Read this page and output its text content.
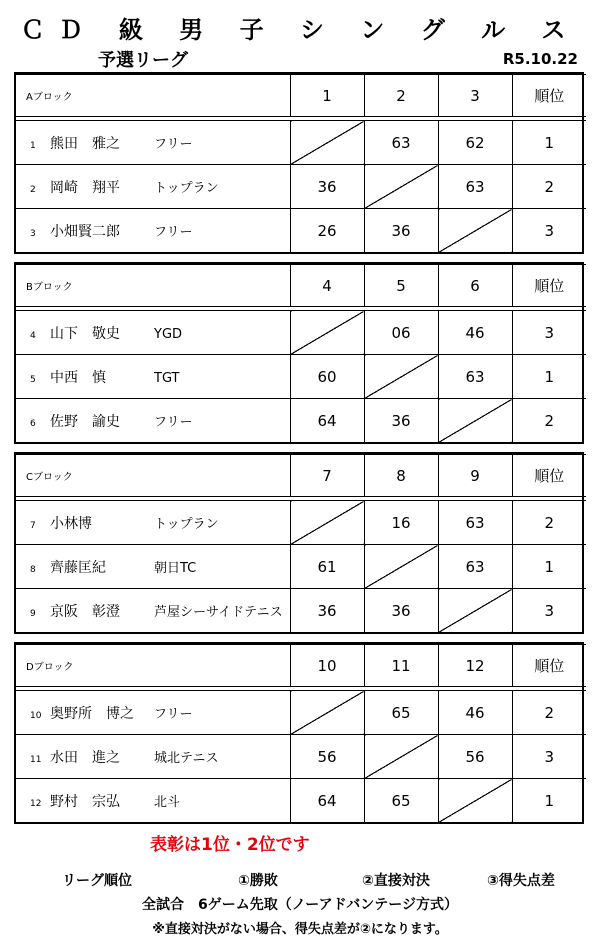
ＣＤ 級 男 子 シ ン グ ル ス
予選リーグ	R5.10.22
Aブロック	1	2	3	順位

1 熊田　雅之 フリー		63	62	1
2 岡崎　翔平 トップラン	36		63	2
3 小畑賢二郎 フリー	26	36		3
Bブロック	4	5	6	順位

4 山下　敬史 YGD		06	46	3
5 中西　慎 TGT	60		63	1
6 佐野　諭史 フリー	64	36		2
Cブロック	7	8	9	順位

7 小林博 トップラン		16	63	2
8 齊藤匡紀 朝日TC	61		63	1
9 京阪　彰澄 芦屋シーサイドテニス	36	36		3
Dブロック	10	11	12	順位

10 奥野所　博之 フリー		65	46	2
11 水田　進之 城北テニス	56		56	3
12 野村　宗弘 北斗	64	65		1
表彰は1位・2位です
リーグ順位	①勝敗	②直接対決	③得失点差
全試合　6ゲーム先取（ノーアドバンテージ方式）
※直接対決がない場合、得失点差が②になります。
